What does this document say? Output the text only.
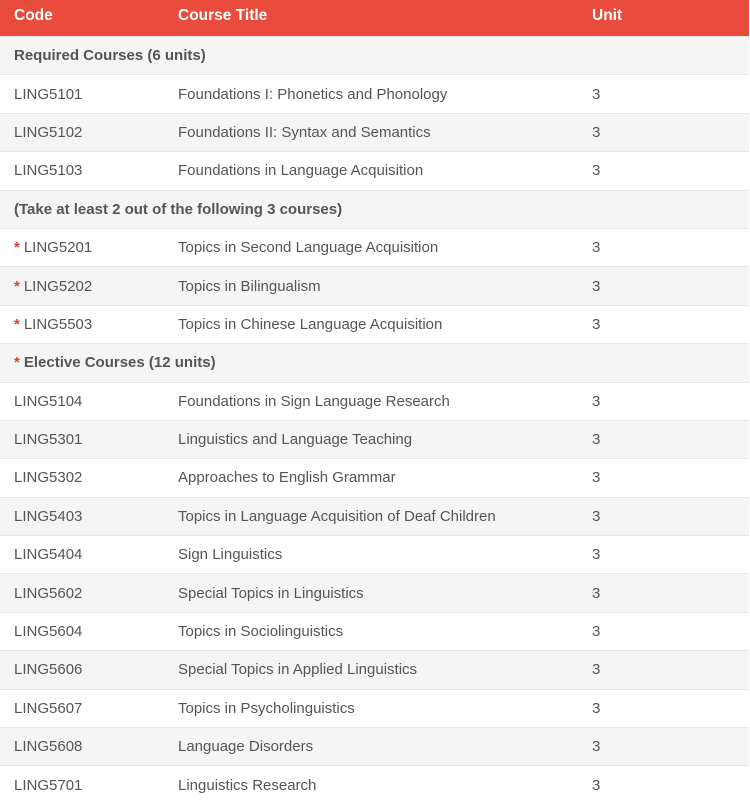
Code	Course Title	Unit
Required Courses (6 units)		
LING5101	Foundations I: Phonetics and Phonology	3
LING5102	Foundations II: Syntax and Semantics	3
LING5103	Foundations in Language Acquisition	3
(Take at least 2 out of the following 3 courses)		
* LING5201	Topics in Second Language Acquisition	3
* LING5202	Topics in Bilingualism	3
* LING5503	Topics in Chinese Language Acquisition	3
* Elective Courses (12 units)		
LING5104	Foundations in Sign Language Research	3
LING5301	Linguistics and Language Teaching	3
LING5302	Approaches to English Grammar	3
LING5403	Topics in Language Acquisition of Deaf Children	3
LING5404	Sign Linguistics	3
LING5602	Special Topics in Linguistics	3
LING5604	Topics in Sociolinguistics	3
LING5606	Special Topics in Applied Linguistics	3
LING5607	Topics in Psycholinguistics	3
LING5608	Language Disorders	3
LING5701	Linguistics Research	3
